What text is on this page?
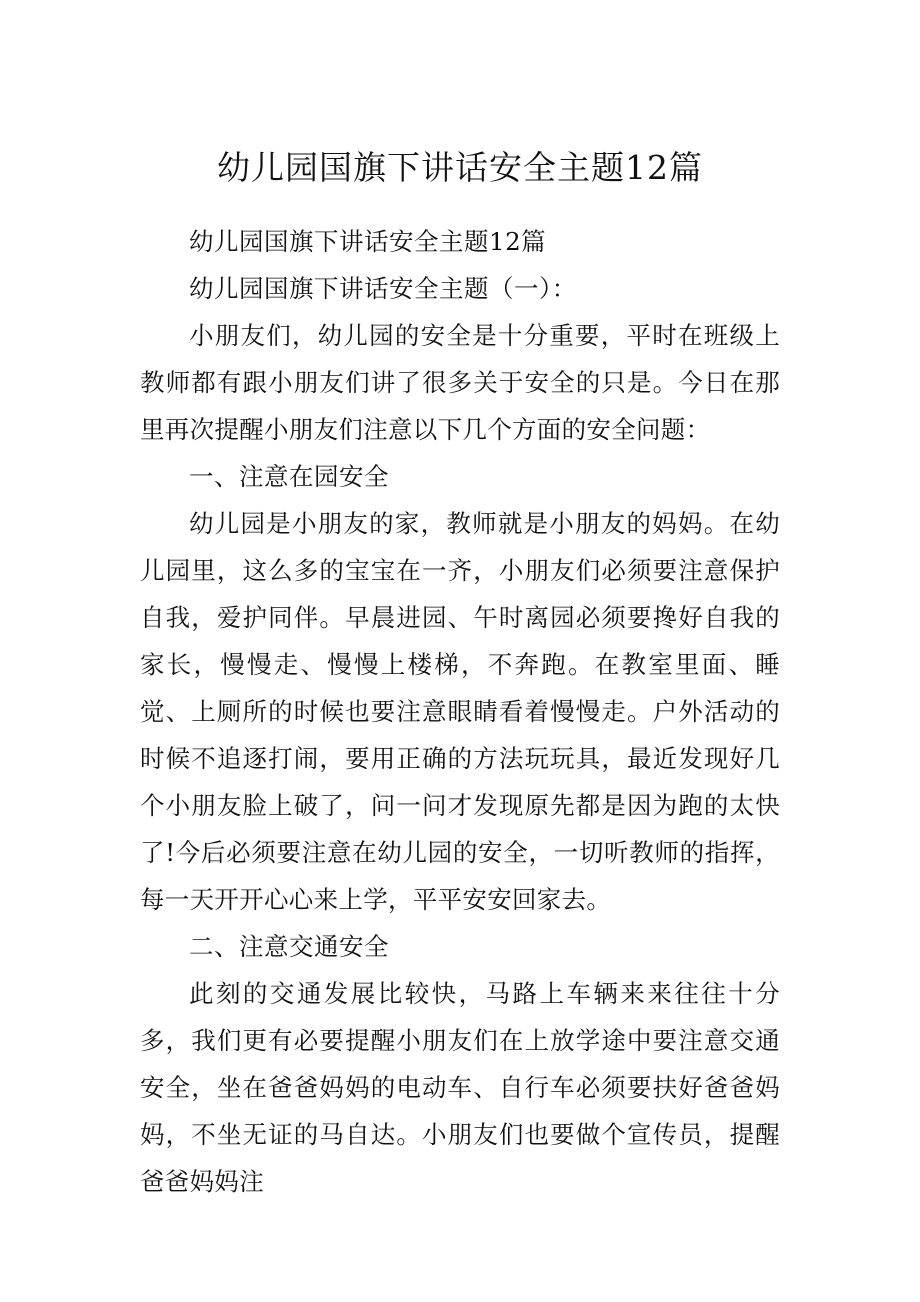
幼儿园国旗下讲话安全主题12篇

幼儿园国旗下讲话安全主题12篇

幼儿园国旗下讲话安全主题（一）：

小朋友们，幼儿园的安全是十分重要，平时在班级上教师都有跟小朋友们讲了很多关于安全的只是。今日在那里再次提醒小朋友们注意以下几个方面的安全问题：

一、注意在园安全

幼儿园是小朋友的家，教师就是小朋友的妈妈。在幼儿园里，这么多的宝宝在一齐，小朋友们必须要注意保护自我，爱护同伴。早晨进园、午时离园必须要搀好自我的家长，慢慢走、慢慢上楼梯，不奔跑。在教室里面、睡觉、上厕所的时候也要注意眼睛看着慢慢走。户外活动的时候不追逐打闹，要用正确的方法玩玩具，最近发现好几个小朋友脸上破了，问一问才发现原先都是因为跑的太快了!今后必须要注意在幼儿园的安全，一切听教师的指挥，每一天开开心心来上学，平平安安回家去。

二、注意交通安全

此刻的交通发展比较快，马路上车辆来来往往十分多，我们更有必要提醒小朋友们在上放学途中要注意交通安全，坐在爸爸妈妈的电动车、自行车必须要扶好爸爸妈妈，不坐无证的马自达。小朋友们也要做个宣传员，提醒爸爸妈妈注
